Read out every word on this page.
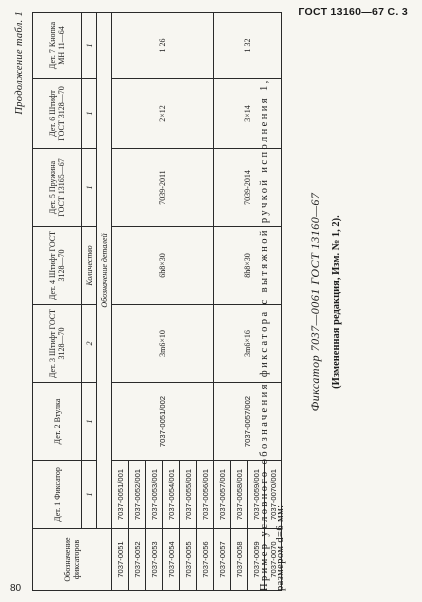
ГОСТ 13160—67 С. 3
80
Продолжение табл. 1
Обозначение фиксаторов	Дет. 1 Фиксатор	Дет. 2 Втулка	Дет. 3 Штифт ГОСТ 3128—70	Дет. 4 Штифт ГОСТ 3128—70	Дет. 5 Пружина ГОСТ 13165—67	Дет. 6 Штифт ГОСТ 3128—70	Дет. 7 Кнопка МН 11—64
	1	1	2	Количество	1	1	1
	Обозначение деталей						
7037-0051	7037-0051/001	7037-0051/002	3m6×10	6h8×30	7039-2011	2×12	1 26
7037-0052	7037-0052/001						
7037-0053	7037-0053/001						
7037-0054	7037-0054/001						
7037-0055	7037-0055/001						
7037-0056	7037-0056/001						
7037-0057	7037-0057/001	7037-0057/002	3m6×16	8h8×30	7039-2014	3×14	1 32
7037-0058	7037-0058/001						
7037-0059	7037-0059/001						
7037-0070	7037-0070/001						
Пример условного обозначения фиксатора с вытяжной ручкой исполнения 1, размером d=6 мм:
Фиксатор 7037—0061 ГОСТ 13160—67 (Измененная редакция, Изм. № 1, 2).
